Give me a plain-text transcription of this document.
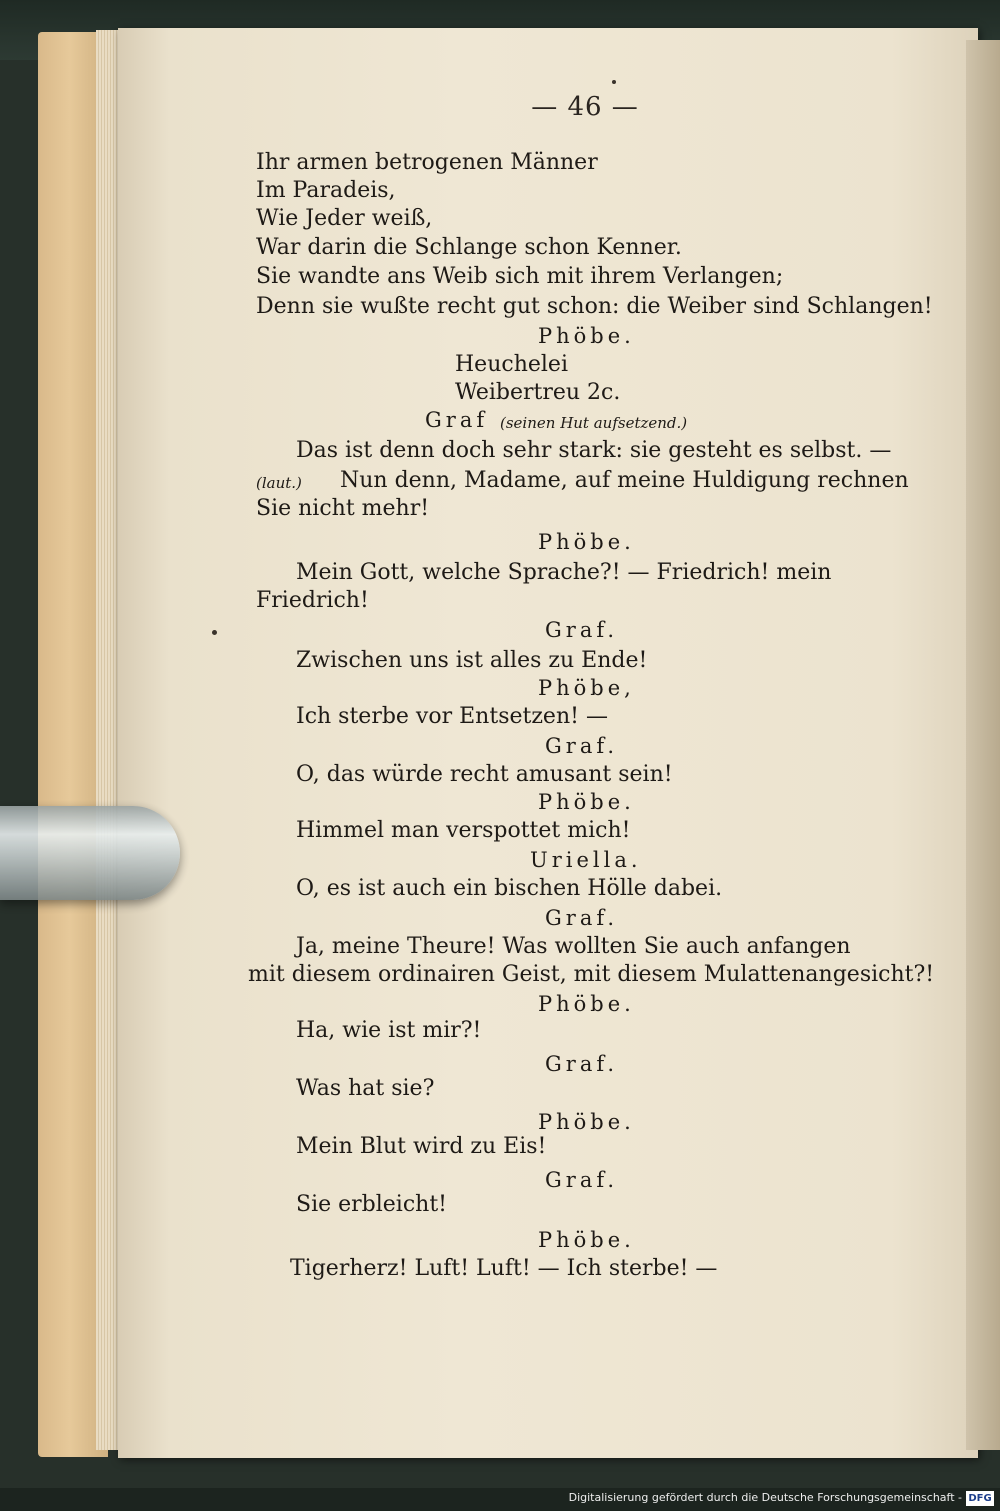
— 46 —
Ihr armen betrogenen Männer
Im Paradeis,
Wie Jeder weiß,
War darin die Schlange schon Kenner.
Sie wandte ans Weib sich mit ihrem Verlangen;
Denn sie wußte recht gut schon: die Weiber sind Schlangen!
Phöbe.
Heuchelei
Weibertreu 2c.
Graf (seinen Hut aufsetzend.)
Das ist denn doch sehr stark: sie gesteht es selbst. —
(laut.) Nun denn, Madame, auf meine Huldigung rechnen
Sie nicht mehr!
Phöbe.
Mein Gott, welche Sprache?! — Friedrich! mein
Friedrich!
Graf.
Zwischen uns ist alles zu Ende!
Phöbe,
Ich sterbe vor Entsetzen! —
Graf.
O, das würde recht amusant sein!
Phöbe.
Himmel man verspottet mich!
Uriella.
O, es ist auch ein bischen Hölle dabei.
Graf.
Ja, meine Theure! Was wollten Sie auch anfangen
mit diesem ordinairen Geist, mit diesem Mulattenangesicht?!
Phöbe.
Ha, wie ist mir?!
Graf.
Was hat sie?
Phöbe.
Mein Blut wird zu Eis!
Graf.
Sie erbleicht!
Phöbe.
Tigerherz! Luft! Luft! — Ich sterbe! —
Digitalisierung gefördert durch die Deutsche Forschungsgemeinschaft - DFG
